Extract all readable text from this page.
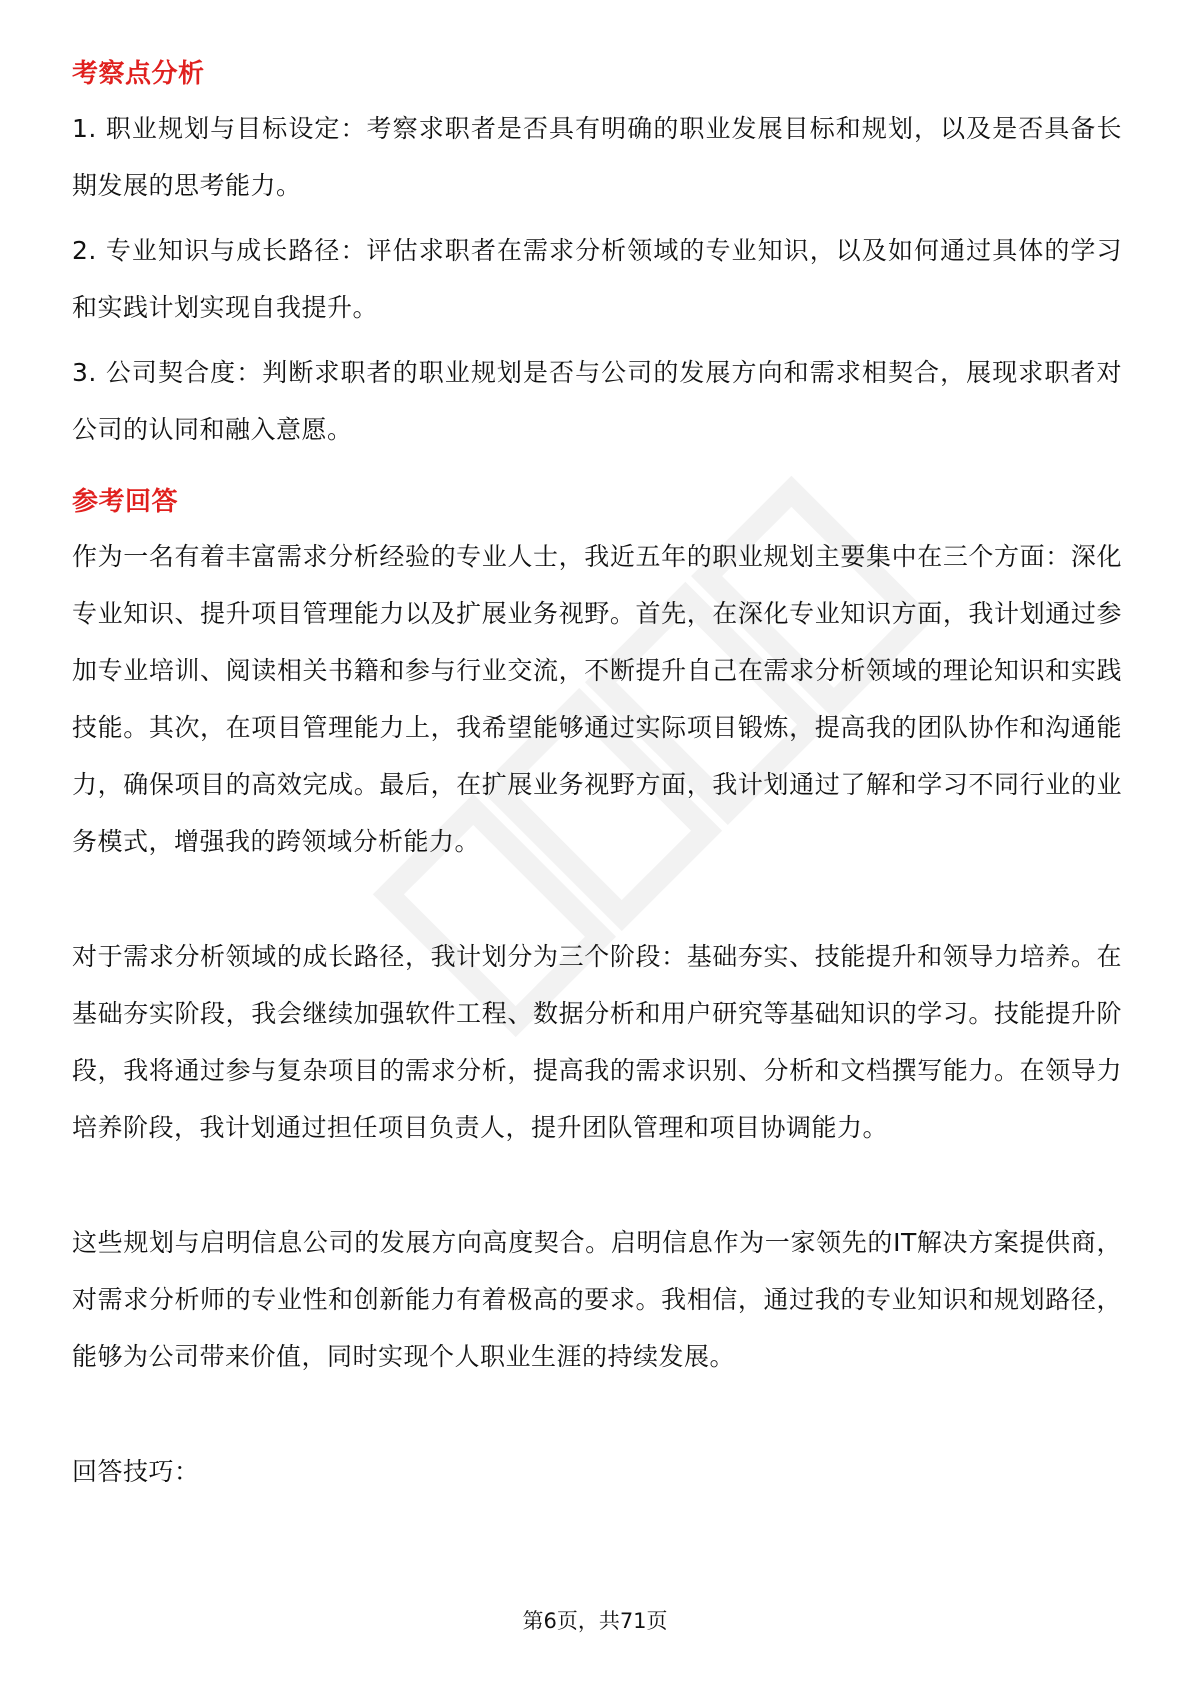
考察点分析

1. 职业规划与目标设定：考察求职者是否具有明确的职业发展目标和规划，以及是否具备长期发展的思考能力。

2. 专业知识与成长路径：评估求职者在需求分析领域的专业知识，以及如何通过具体的学习和实践计划实现自我提升。

3. 公司契合度：判断求职者的职业规划是否与公司的发展方向和需求相契合，展现求职者对公司的认同和融入意愿。

参考回答

作为一名有着丰富需求分析经验的专业人士，我近五年的职业规划主要集中在三个方面：深化专业知识、提升项目管理能力以及扩展业务视野。首先，在深化专业知识方面，我计划通过参加专业培训、阅读相关书籍和参与行业交流，不断提升自己在需求分析领域的理论知识和实践技能。其次，在项目管理能力上，我希望能够通过实际项目锻炼，提高我的团队协作和沟通能力，确保项目的高效完成。最后，在扩展业务视野方面，我计划通过了解和学习不同行业的业务模式，增强我的跨领域分析能力。

对于需求分析领域的成长路径，我计划分为三个阶段：基础夯实、技能提升和领导力培养。在基础夯实阶段，我会继续加强软件工程、数据分析和用户研究等基础知识的学习。技能提升阶段，我将通过参与复杂项目的需求分析，提高我的需求识别、分析和文档撰写能力。在领导力培养阶段，我计划通过担任项目负责人，提升团队管理和项目协调能力。

这些规划与启明信息公司的发展方向高度契合。启明信息作为一家领先的IT解决方案提供商，对需求分析师的专业性和创新能力有着极高的要求。我相信，通过我的专业知识和规划路径，能够为公司带来价值，同时实现个人职业生涯的持续发展。

回答技巧：

第6页，共71页
